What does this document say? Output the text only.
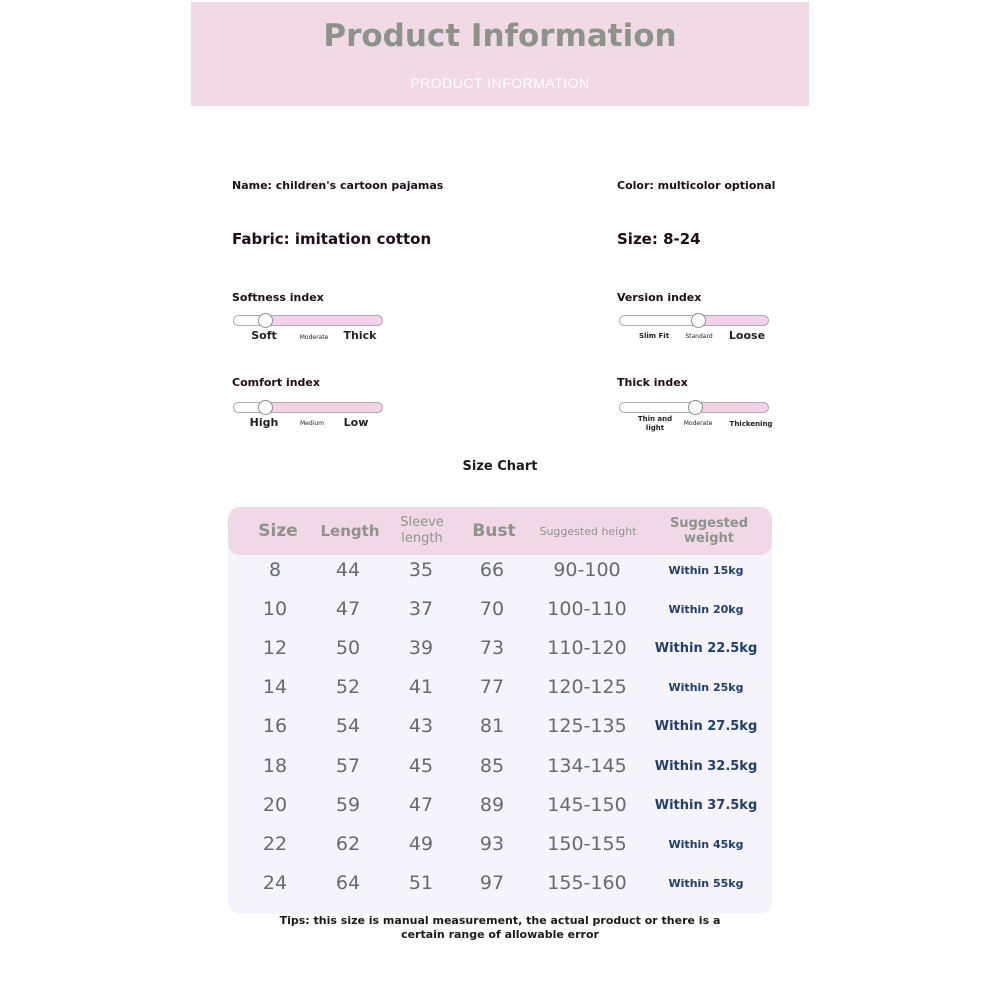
Product Information
PRODUCT INFORMATION
Name: children's cartoon pajamas	Color: multicolor optional
Fabric: imitation cotton	Size: 8-24
Softness index
Soft	Moderate	Thick
Version index
Slim Fit	Standard	Loose
Comfort index
High	Medium	Low
Thick index
Thin and light
Moderate	Thickening
Size Chart
Size	Length	Sleeve length	Bust	Suggested height	Suggested weight
8	44	35	66	90-100	Within 15kg
10	47	37	70	100-110	Within 20kg
12	50	39	73	110-120	Within 22.5kg
14	52	41	77	120-125	Within 25kg
16	54	43	81	125-135	Within 27.5kg
18	57	45	85	134-145	Within 32.5kg
20	59	47	89	145-150	Within 37.5kg
22	62	49	93	150-155	Within 45kg
24	64	51	97	155-160	Within 55kg
Tips: this size is manual measurement, the actual product or there is a
certain range of allowable error
